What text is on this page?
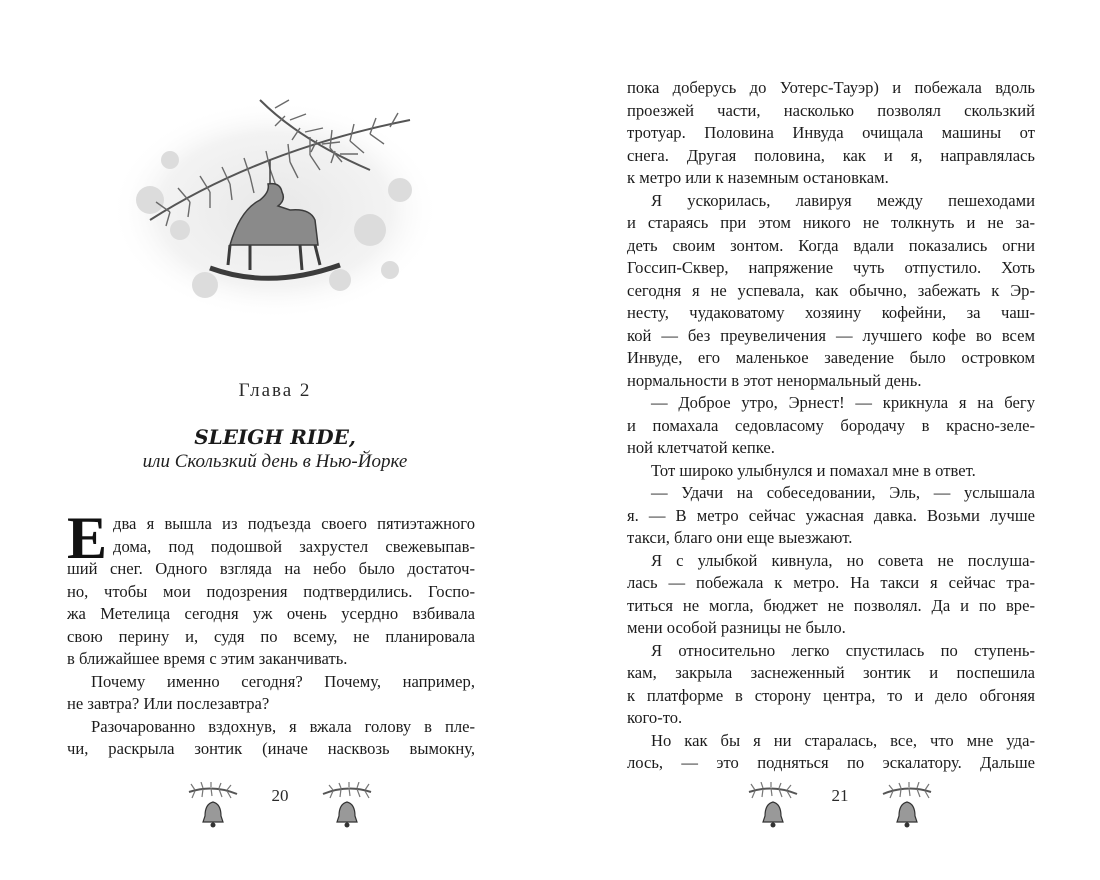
Глава 2
SLEIGH RIDE,
или Скользкий день в Нью-Йорке
Е два я вышла из подъезда своего пятиэтажного
дома, под подошвой захрустел свежевыпав-
ший снег. Одного взгляда на небо было достаточ-
но, чтобы мои подозрения подтвердились. Госпо-
жа Метелица сегодня уж очень усердно взбивала
свою перину и, судя по всему, не планировала
в ближайшее время с этим заканчивать.
Почему именно сегодня? Почему, например,
не завтра? Или послезавтра?
Разочарованно вздохнув, я вжала голову в пле-
чи, раскрыла зонтик (иначе насквозь вымокну,
20
пока доберусь до Уотерс-Тауэр) и побежала вдоль
проезжей части, насколько позволял скользкий
тротуар. Половина Инвуда очищала машины от
снега. Другая половина, как и я, направлялась
к метро или к наземным остановкам.
Я ускорилась, лавируя между пешеходами
и стараясь при этом никого не толкнуть и не за-
деть своим зонтом. Когда вдали показались огни
Госсип-Сквер, напряжение чуть отпустило. Хоть
сегодня я не успевала, как обычно, забежать к Эр-
несту, чудаковатому хозяину кофейни, за чаш-
кой — без преувеличения — лучшего кофе во всем
Инвуде, его маленькое заведение было островком
нормальности в этот ненормальный день.
— Доброе утро, Эрнест! — крикнула я на бегу
и помахала седовласому бородачу в красно-зеле-
ной клетчатой кепке.
Тот широко улыбнулся и помахал мне в ответ.
— Удачи на собеседовании, Эль, — услышала
я. — В метро сейчас ужасная давка. Возьми лучше
такси, благо они еще выезжают.
Я с улыбкой кивнула, но совета не послуша-
лась — побежала к метро. На такси я сейчас тра-
титься не могла, бюджет не позволял. Да и по вре-
мени особой разницы не было.
Я относительно легко спустилась по ступень-
кам, закрыла заснеженный зонтик и поспешила
к платформе в сторону центра, то и дело обгоняя
кого-то.
Но как бы я ни старалась, все, что мне уда-
лось, — это подняться по эскалатору. Дальше
21
